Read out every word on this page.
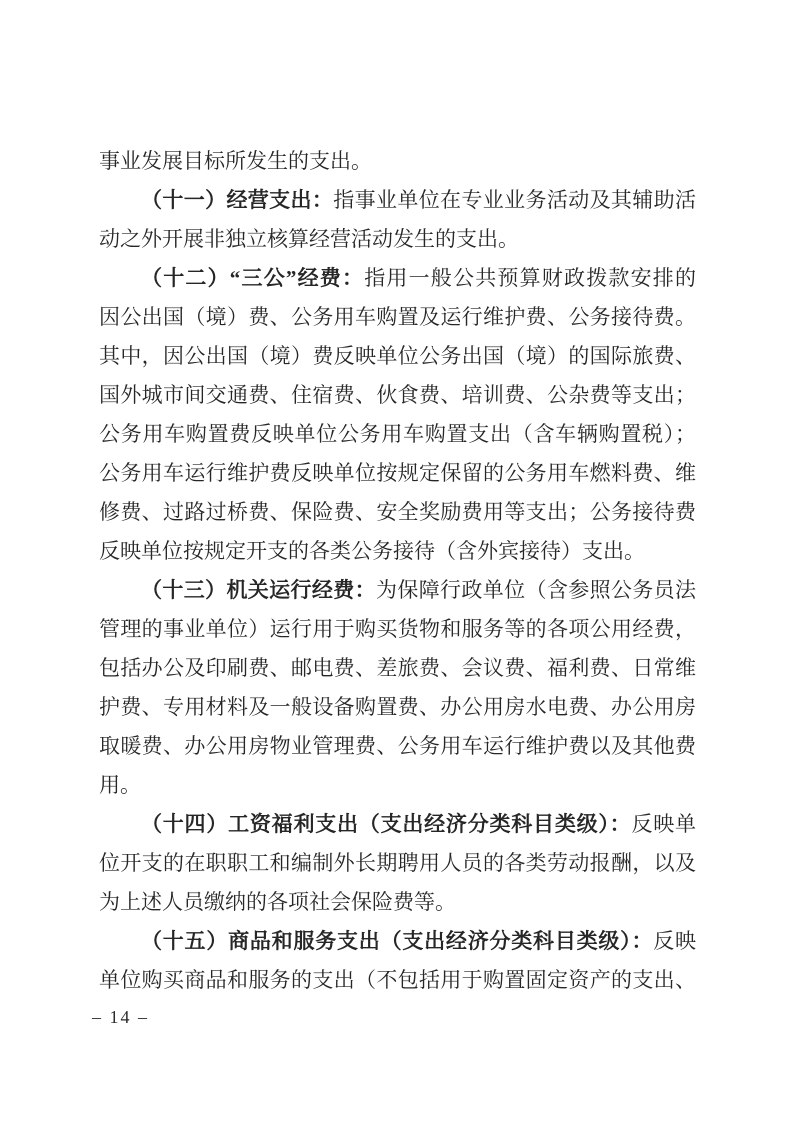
事业发展目标所发生的支出。
（十一）经营支出：指事业单位在专业业务活动及其辅助活
动之外开展非独立核算经营活动发生的支出。
（十二）“三公”经费：指用一般公共预算财政拨款安排的
因公出国（境）费、公务用车购置及运行维护费、公务接待费。
其中，因公出国（境）费反映单位公务出国（境）的国际旅费、
国外城市间交通费、住宿费、伙食费、培训费、公杂费等支出；
公务用车购置费反映单位公务用车购置支出（含车辆购置税）；
公务用车运行维护费反映单位按规定保留的公务用车燃料费、维
修费、过路过桥费、保险费、安全奖励费用等支出；公务接待费
反映单位按规定开支的各类公务接待（含外宾接待）支出。
（十三）机关运行经费：为保障行政单位（含参照公务员法
管理的事业单位）运行用于购买货物和服务等的各项公用经费，
包括办公及印刷费、邮电费、差旅费、会议费、福利费、日常维
护费、专用材料及一般设备购置费、办公用房水电费、办公用房
取暖费、办公用房物业管理费、公务用车运行维护费以及其他费
用。
（十四）工资福利支出（支出经济分类科目类级）：反映单
位开支的在职职工和编制外长期聘用人员的各类劳动报酬，以及
为上述人员缴纳的各项社会保险费等。
（十五）商品和服务支出（支出经济分类科目类级）：反映
单位购买商品和服务的支出（不包括用于购置固定资产的支出、
– 14 –
